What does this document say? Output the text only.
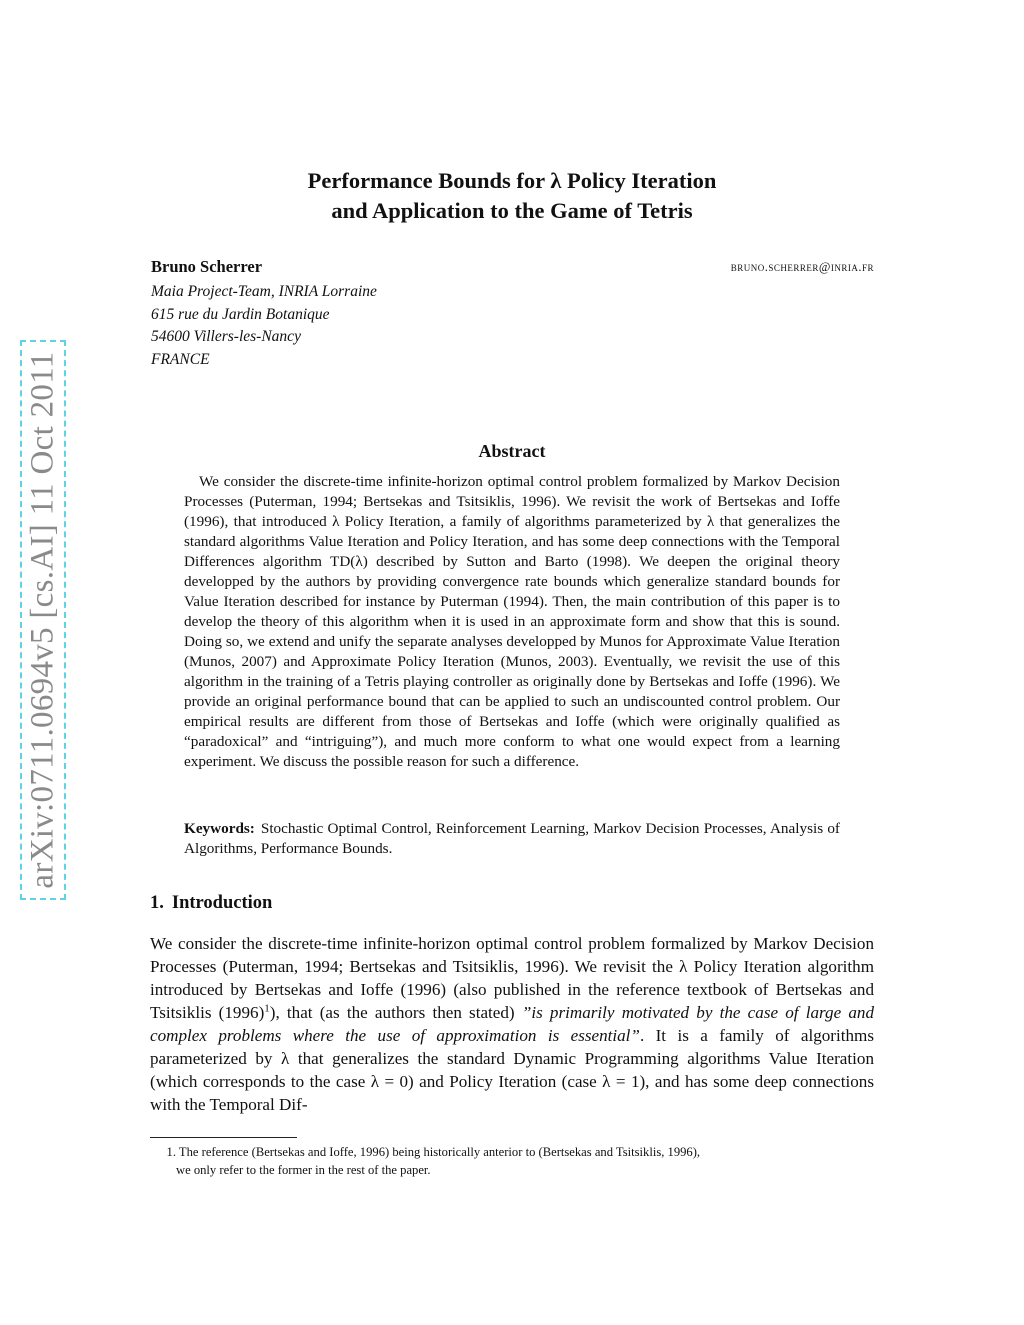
arXiv:0711.0694v5 [cs.AI] 11 Oct 2011
Performance Bounds for λ Policy Iteration
and Application to the Game of Tetris
Bruno Scherrer	bruno.scherrer@inria.fr
Maia Project-Team, INRIA Lorraine
615 rue du Jardin Botanique
54600 Villers-les-Nancy
FRANCE
Abstract

We consider the discrete-time infinite-horizon optimal control problem formalized by Markov Decision Processes (Puterman, 1994; Bertsekas and Tsitsiklis, 1996). We revisit the work of Bertsekas and Ioffe (1996), that introduced λ Policy Iteration, a family of algorithms parameterized by λ that generalizes the standard algorithms Value Iteration and Policy Iteration, and has some deep connections with the Temporal Differences algorithm TD(λ) described by Sutton and Barto (1998). We deepen the original theory developped by the authors by providing convergence rate bounds which generalize standard bounds for Value Iteration described for instance by Puterman (1994). Then, the main contribution of this paper is to develop the theory of this algorithm when it is used in an approximate form and show that this is sound. Doing so, we extend and unify the separate analyses developped by Munos for Approximate Value Iteration (Munos, 2007) and Approximate Policy Iteration (Munos, 2003). Eventually, we revisit the use of this algorithm in the training of a Tetris playing controller as originally done by Bertsekas and Ioffe (1996). We provide an original performance bound that can be applied to such an undiscounted control problem. Our empirical results are different from those of Bertsekas and Ioffe (which were originally qualified as “paradoxical” and “intriguing”), and much more conform to what one would expect from a learning experiment. We discuss the possible reason for such a difference.

Keywords: Stochastic Optimal Control, Reinforcement Learning, Markov Decision Processes, Analysis of Algorithms, Performance Bounds.

1. Introduction

We consider the discrete-time infinite-horizon optimal control problem formalized by Markov Decision Processes (Puterman, 1994; Bertsekas and Tsitsiklis, 1996). We revisit the λ Policy Iteration algorithm introduced by Bertsekas and Ioffe (1996) (also published in the reference textbook of Bertsekas and Tsitsiklis $(1996)^1$), that (as the authors then stated) ”is primarily motivated by the case of large and complex problems where the use of approximation is essential”. It is a family of algorithms parameterized by λ that generalizes the standard Dynamic Programming algorithms Value Iteration (which corresponds to the case λ = 0) and Policy Iteration (case λ = 1), and has some deep connections with the Temporal Dif-

1. The reference (Bertsekas and Ioffe, 1996) being historically anterior to (Bertsekas and Tsitsiklis, 1996),
we only refer to the former in the rest of the paper.
